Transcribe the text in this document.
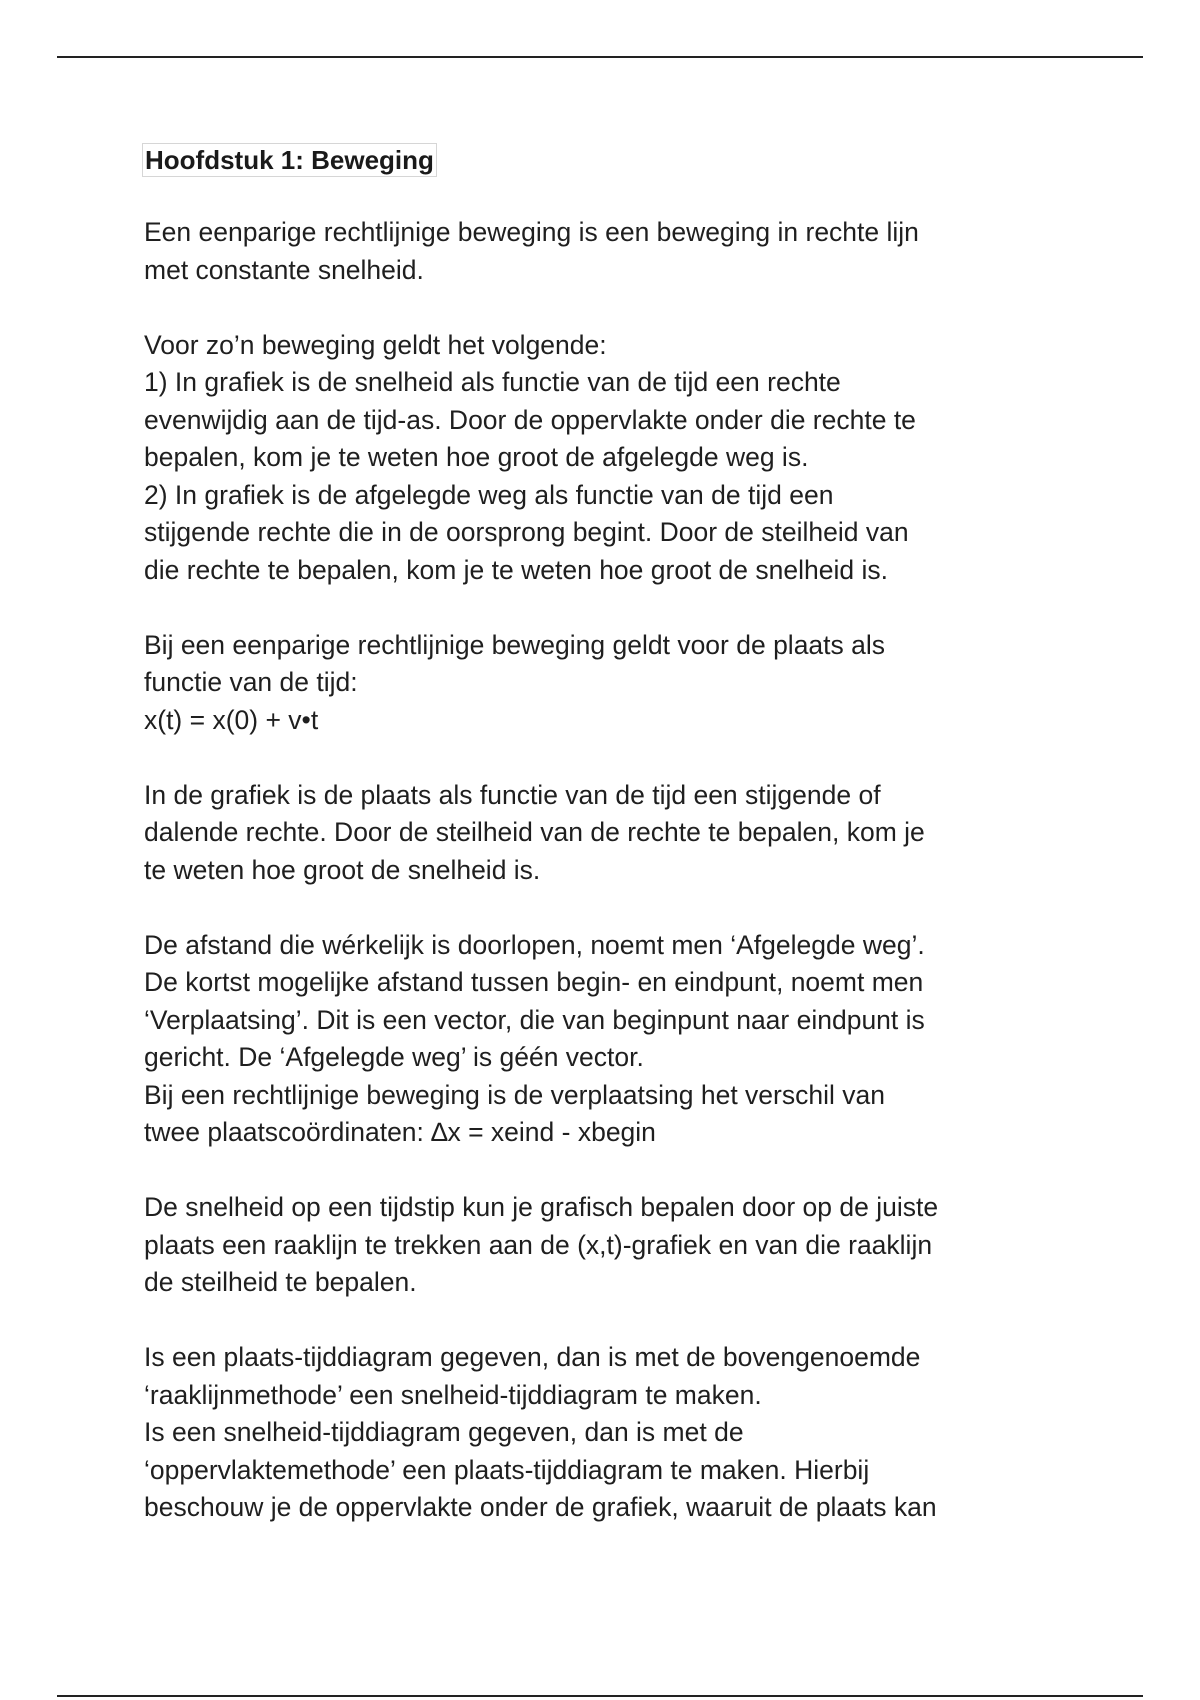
Hoofdstuk 1: Beweging
Een eenparige rechtlijnige beweging is een beweging in rechte lijn
met constante snelheid.
Voor zo’n beweging geldt het volgende:
1) In grafiek is de snelheid als functie van de tijd een rechte
evenwijdig aan de tijd-as. Door de oppervlakte onder die rechte te
bepalen, kom je te weten hoe groot de afgelegde weg is.
2) In grafiek is de afgelegde weg als functie van de tijd een
stijgende rechte die in de oorsprong begint. Door de steilheid van
die rechte te bepalen, kom je te weten hoe groot de snelheid is.
Bij een eenparige rechtlijnige beweging geldt voor de plaats als
functie van de tijd:
x(t) = x(0) + v•t
In de grafiek is de plaats als functie van de tijd een stijgende of
dalende rechte. Door de steilheid van de rechte te bepalen, kom je
te weten hoe groot de snelheid is.
De afstand die wérkelijk is doorlopen, noemt men ‘Afgelegde weg’.
De kortst mogelijke afstand tussen begin- en eindpunt, noemt men
‘Verplaatsing’. Dit is een vector, die van beginpunt naar eindpunt is
gericht. De ‘Afgelegde weg’ is géén vector.
Bij een rechtlijnige beweging is de verplaatsing het verschil van
twee plaatscoördinaten: ∆x = xeind - xbegin
De snelheid op een tijdstip kun je grafisch bepalen door op de juiste
plaats een raaklijn te trekken aan de (x,t)-grafiek en van die raaklijn
de steilheid te bepalen.
Is een plaats-tijddiagram gegeven, dan is met de bovengenoemde
‘raaklijnmethode’ een snelheid-tijddiagram te maken.
Is een snelheid-tijddiagram gegeven, dan is met de
‘oppervlaktemethode’ een plaats-tijddiagram te maken. Hierbij
beschouw je de oppervlakte onder de grafiek, waaruit de plaats kan
